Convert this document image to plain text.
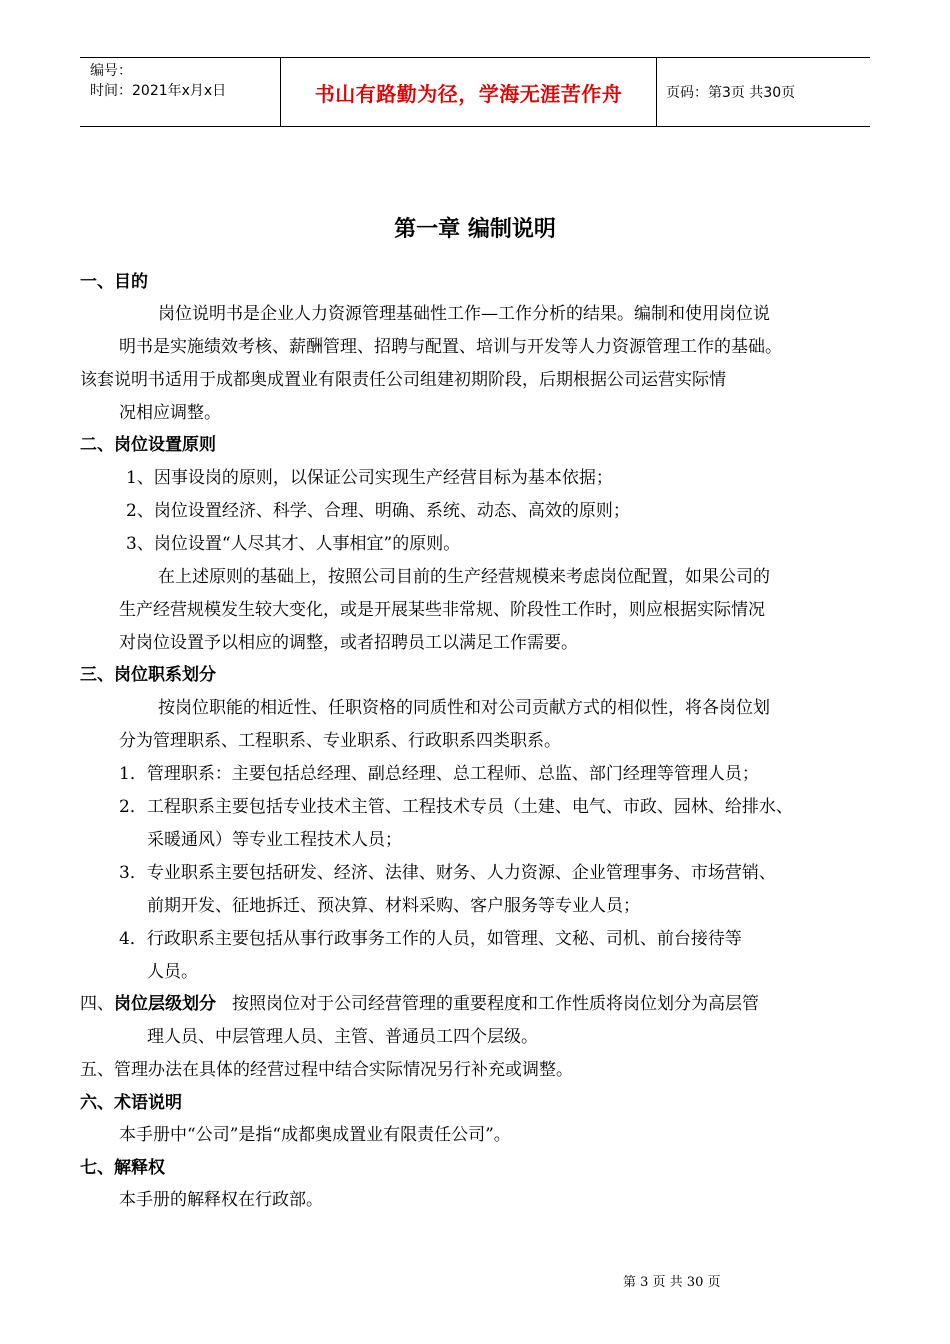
编号：
时间：2021年x月x日	书山有路勤为径，学海无涯苦作舟	页码：第3页 共30页
第一章 编制说明
一、目的
岗位说明书是企业人力资源管理基础性工作—工作分析的结果。编制和使用岗位说
明书是实施绩效考核、薪酬管理、招聘与配置、培训与开发等人力资源管理工作的基础。
该套说明书适用于成都奥成置业有限责任公司组建初期阶段，后期根据公司运营实际情
况相应调整。
二、岗位设置原则
1、因事设岗的原则，以保证公司实现生产经营目标为基本依据；
2、岗位设置经济、科学、合理、明确、系统、动态、高效的原则；
3、岗位设置“人尽其才、人事相宜”的原则。
在上述原则的基础上，按照公司目前的生产经营规模来考虑岗位配置，如果公司的
生产经营规模发生较大变化，或是开展某些非常规、阶段性工作时，则应根据实际情况
对岗位设置予以相应的调整，或者招聘员工以满足工作需要。
三、岗位职系划分
按岗位职能的相近性、任职资格的同质性和对公司贡献方式的相似性，将各岗位划
分为管理职系、工程职系、专业职系、行政职系四类职系。
1．管理职系：主要包括总经理、副总经理、总工程师、总监、部门经理等管理人员；
2．工程职系主要包括专业技术主管、工程技术专员（土建、电气、市政、园林、给排水、
采暖通风）等专业工程技术人员；
3．专业职系主要包括研发、经济、法律、财务、人力资源、企业管理事务、市场营销、
前期开发、征地拆迁、预决算、材料采购、客户服务等专业人员；
4．行政职系主要包括从事行政事务工作的人员，如管理、文秘、司机、前台接待等
人员。
四、岗位层级划分 按照岗位对于公司经营管理的重要程度和工作性质将岗位划分为高层管
理人员、中层管理人员、主管、普通员工四个层级。
五、管理办法在具体的经营过程中结合实际情况另行补充或调整。
六、术语说明
本手册中“公司”是指“成都奥成置业有限责任公司”。
七、解释权
本手册的解释权在行政部。
第 3 页 共 30 页
